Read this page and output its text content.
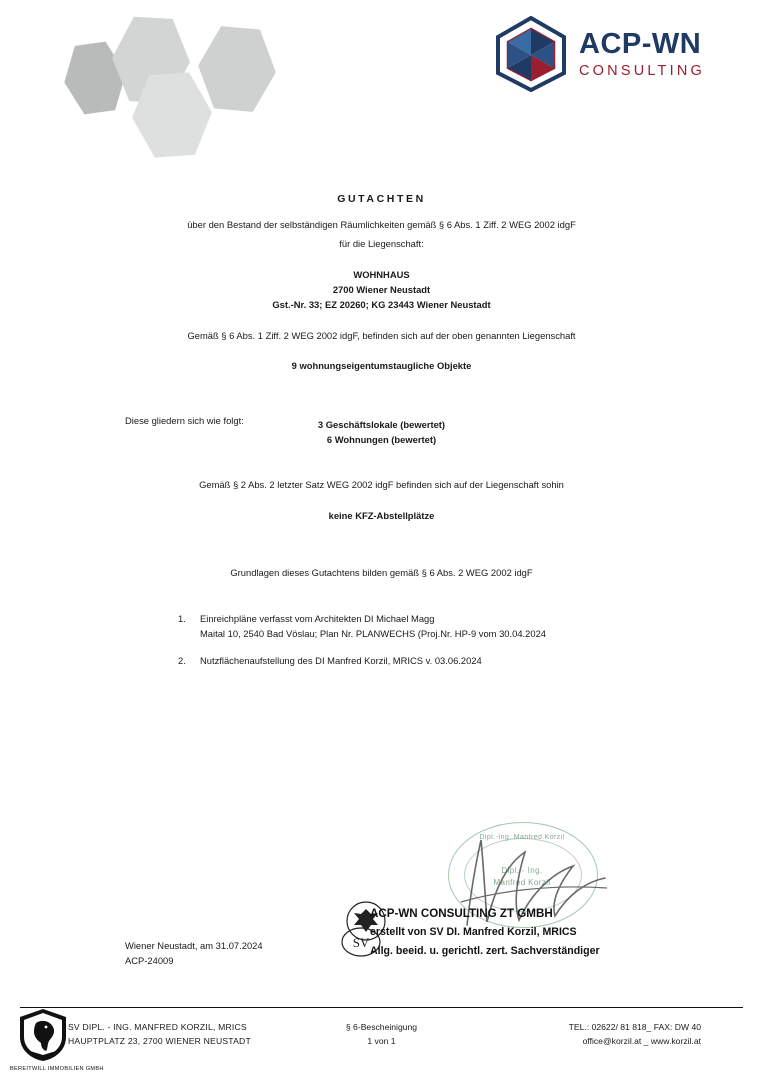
ACP-WN
CONSULTING
GUTACHTEN
über den Bestand der selbständigen Räumlichkeiten gemäß § 6 Abs. 1 Ziff. 2 WEG 2002 idgF
für die Liegenschaft:
WOHNHAUS
2700 Wiener Neustadt
Gst.-Nr. 33; EZ 20260; KG 23443 Wiener Neustadt
Gemäß § 6 Abs. 1 Ziff. 2 WEG 2002 idgF, befinden sich auf der oben genannten Liegenschaft
9 wohnungseigentumstaugliche Objekte
Diese gliedern sich wie folgt:	3 Geschäftslokale (bewertet)
6 Wohnungen (bewertet)
Gemäß § 2 Abs. 2 letzter Satz WEG 2002 idgF befinden sich auf der Liegenschaft sohin
keine KFZ-Abstellplätze
Grundlagen dieses Gutachtens bilden gemäß § 6 Abs. 2 WEG 2002 idgF
1.	Einreichpläne verfasst vom Architekten DI Michael Magg
Maital 10, 2540 Bad Vöslau; Plan Nr. PLANWECHS (Proj.Nr. HP-9 vom 30.04.2024
2.	Nutzflächenaufstellung des DI Manfred Korzil, MRICS v. 03.06.2024
Dipl.-Ing. Manfred Korzil
Dipl. - Ing.
Manfred Korzil
SV
ACP-WN CONSULTING ZT GMBH
erstellt von SV DI. Manfred Korzil, MRICS
Allg. beeid. u. gerichtl. zert. Sachverständiger
Wiener Neustadt, am 31.07.2024
ACP-24009
BEREITWILL IMMOBILIEN GMBH
SV DIPL. - ING. MANFRED KORZIL, MRICS
HAUPTPLATZ 23, 2700 WIENER NEUSTADT
§ 6-Bescheinigung
1 von 1
TEL.: 02622/ 81 818_ FAX: DW 40
office@korzil.at _ www.korzil.at
